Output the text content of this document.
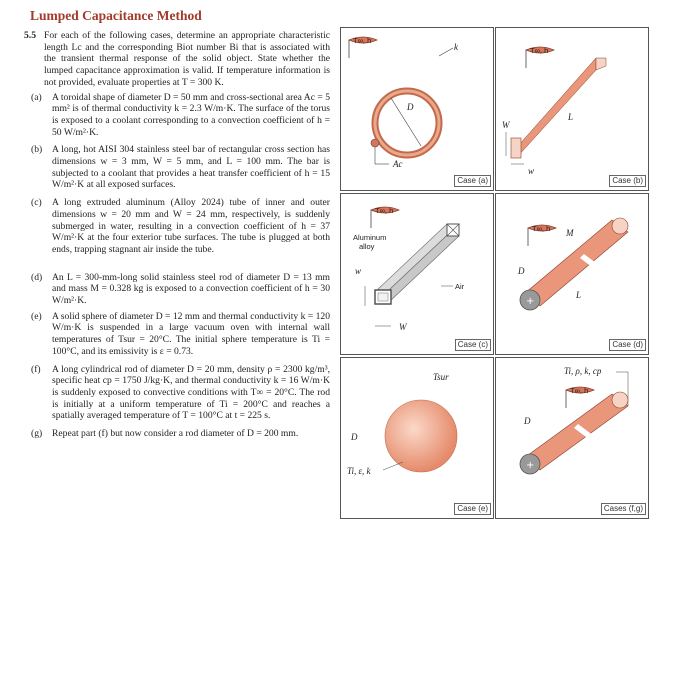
Lumped Capacitance Method

5.5 For each of the following cases, determine an appropriate characteristic length Lc and the corresponding Biot number Bi that is associated with the transient thermal response of the solid object. State whether the lumped capacitance approximation is valid. If temperature information is not provided, evaluate properties at T = 300 K.

(a) A toroidal shape of diameter D = 50 mm and cross-sectional area Ac = 5 mm² is of thermal conductivity k = 2.3 W/m·K. The surface of the torus is exposed to a coolant corresponding to a convection coefficient of h = 50 W/m²·K.

(b) A long, hot AISI 304 stainless steel bar of rectangular cross section has dimensions w = 3 mm, W = 5 mm, and L = 100 mm. The bar is subjected to a coolant that provides a heat transfer coefficient of h = 15 W/m²·K at all exposed surfaces.

(c) A long extruded aluminum (Alloy 2024) tube of inner and outer dimensions w = 20 mm and W = 24 mm, respectively, is suddenly submerged in water, resulting in a convection coefficient of h = 37 W/m²·K at the four exterior tube surfaces. The tube is plugged at both ends, trapping stagnant air inside the tube.

(d) An L = 300-mm-long solid stainless steel rod of diameter D = 13 mm and mass M = 0.328 kg is exposed to a convection coefficient of h = 30 W/m²·K.

(e) A solid sphere of diameter D = 12 mm and thermal conductivity k = 120 W/m·K is suspended in a large vacuum oven with internal wall temperatures of Tsur = 20°C. The initial sphere temperature is Ti = 100°C, and its emissivity is ε = 0.73.

(f) A long cylindrical rod of diameter D = 20 mm, density ρ = 2300 kg/m³, specific heat cp = 1750 J/kg·K, and thermal conductivity k = 16 W/m·K is suddenly exposed to convective conditions with T∞ = 20°C. The rod is initially at a uniform temperature of Ti = 200°C and reaches a spatially averaged temperature of T = 100°C at t = 225 s.

(g) Repeat part (f) but now consider a rod diameter of D = 200 mm.

T∞, h
D
k
Ac
Case (a)
T∞, h
W
w
L
Case (b)
T∞, h
Aluminum
alloy
w
W
Air
Case (c)
T∞, h M
+
D
L
Case (d)
Tsur
D
Ti, ε, k
Case (e)
Ti, ρ, k, cp
T∞, h
+
D
Cases (f,g)
